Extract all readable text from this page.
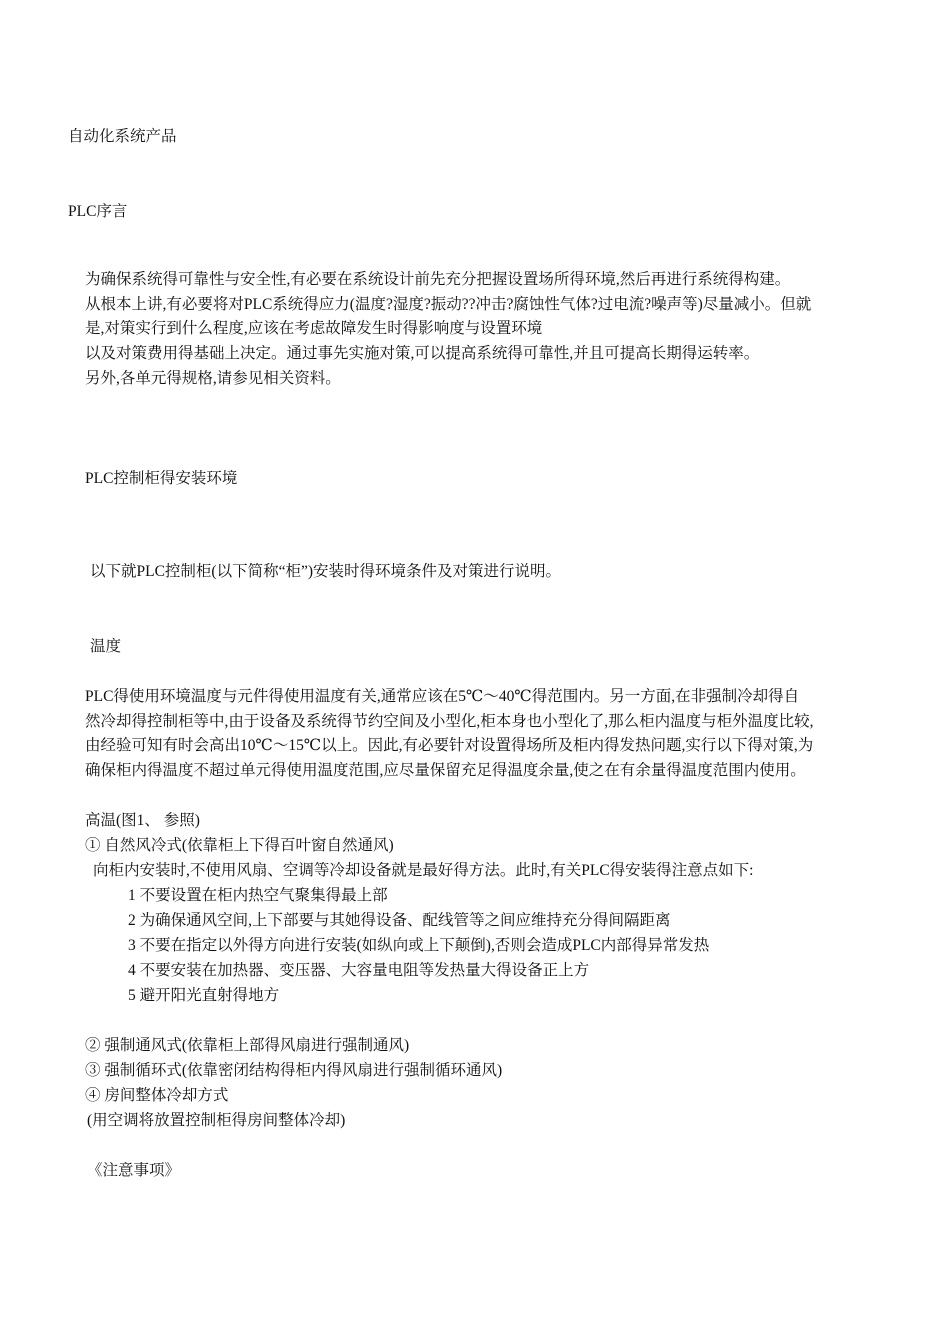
自动化系统产品
PLC序言
为确保系统得可靠性与安全性,有必要在系统设计前先充分把握设置场所得环境,然后再进行系统得构建。
从根本上讲,有必要将对PLC系统得应力(温度?湿度?振动??冲击?腐蚀性气体?过电流?噪声等)尽量减小。但就
是,对策实行到什么程度,应该在考虑故障发生时得影响度与设置环境
以及对策费用得基础上决定。通过事先实施对策,可以提高系统得可靠性,并且可提高长期得运转率。
另外,各单元得规格,请参见相关资料。
PLC控制柜得安装环境
以下就PLC控制柜(以下简称“柜”)安装时得环境条件及对策进行说明。
温度
PLC得使用环境温度与元件得使用温度有关,通常应该在5℃～40℃得范围内。另一方面,在非强制冷却得自
然冷却得控制柜等中,由于设备及系统得节约空间及小型化,柜本身也小型化了,那么柜内温度与柜外温度比较,
由经验可知有时会高出10℃～15℃以上。因此,有必要针对设置得场所及柜内得发热问题,实行以下得对策,为
确保柜内得温度不超过单元得使用温度范围,应尽量保留充足得温度余量,使之在有余量得温度范围内使用。
高温(图1、 参照)
① 自然风冷式(依靠柜上下得百叶窗自然通风)
向柜内安装时,不使用风扇、空调等冷却设备就是最好得方法。此时,有关PLC得安装得注意点如下:
1 不要设置在柜内热空气聚集得最上部
2 为确保通风空间,上下部要与其她得设备、配线管等之间应维持充分得间隔距离
3 不要在指定以外得方向进行安装(如纵向或上下颠倒),否则会造成PLC内部得异常发热
4 不要安装在加热器、变压器、大容量电阻等发热量大得设备正上方
5 避开阳光直射得地方
② 强制通风式(依靠柜上部得风扇进行强制通风)
③ 强制循环式(依靠密闭结构得柜内得风扇进行强制循环通风)
④ 房间整体冷却方式
(用空调将放置控制柜得房间整体冷却)
《注意事项》
